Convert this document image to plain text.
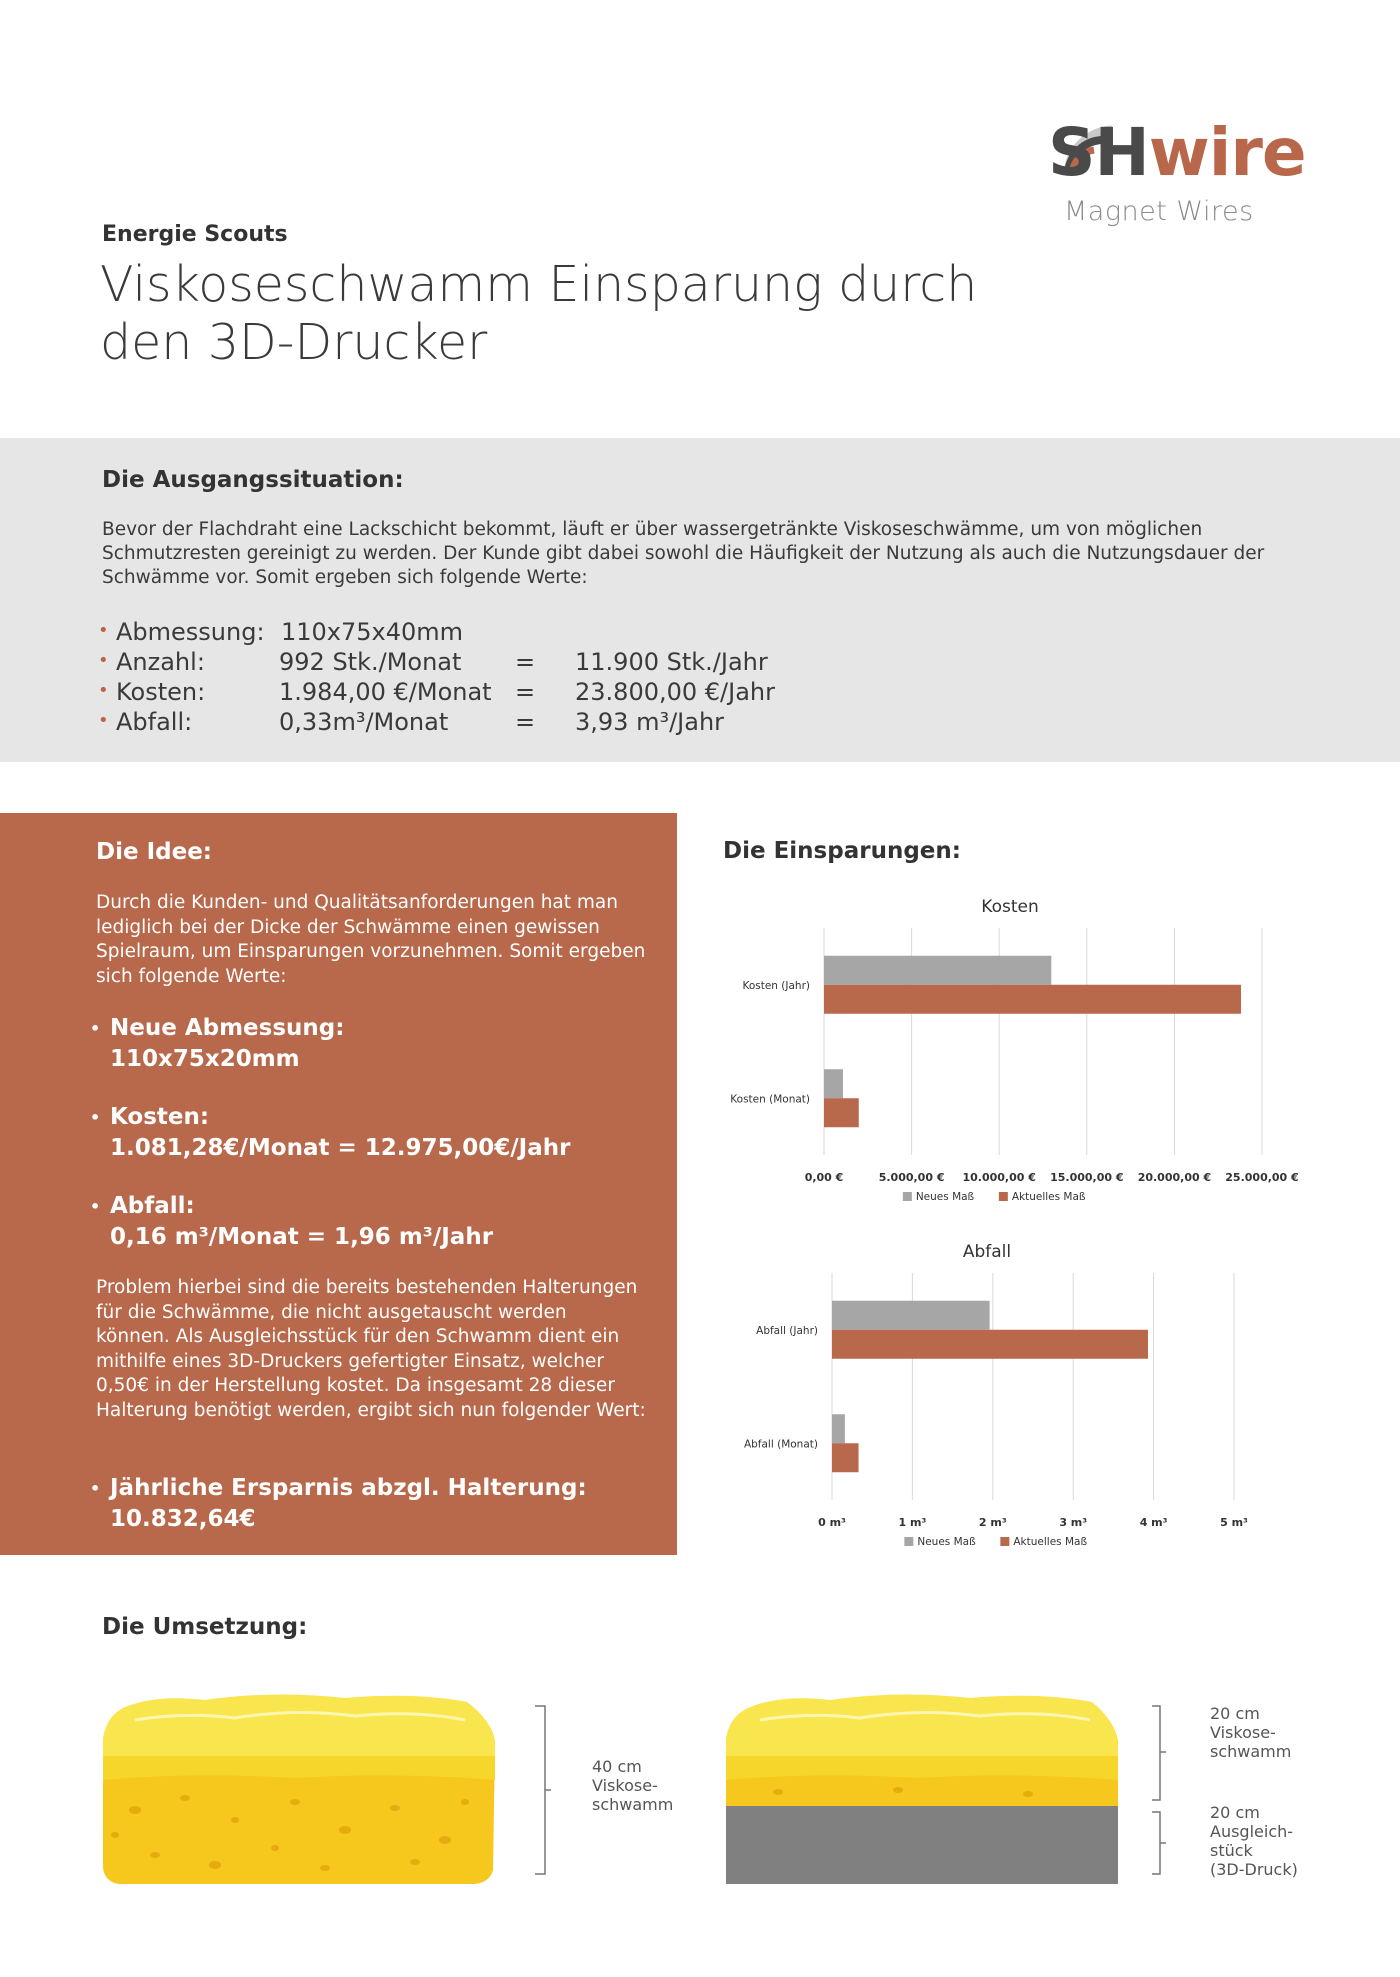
SHwire
Magnet Wires
Energie Scouts
Viskoseschwamm Einsparung durch
den 3D-Drucker
Die Ausgangssituation:
Bevor der Flachdraht eine Lackschicht bekommt, läuft er über wassergetränkte Viskoseschwämme, um von möglichen Schmutzresten gereinigt zu werden. Der Kunde gibt dabei sowohl die Häufigkeit der Nutzung als auch die Nutzungsdauer der Schwämme vor. Somit ergeben sich folgende Werte:
• Abmessung: 110x75x40mm
• Anzahl:	992 Stk./Monat = 11.900 Stk./Jahr
• Kosten:	1.984,00 €/Monat = 23.800,00 €/Jahr
• Abfall:	0,33m³/Monat	= 3,93 m³/Jahr
Die Idee:
Durch die Kunden- und Qualitätsanforderungen hat man lediglich bei der Dicke der Schwämme einen gewissen Spielraum, um Einsparungen vorzunehmen. Somit ergeben sich folgende Werte:
• Neue Abmessung:
110x75x20mm
• Kosten:
1.081,28€/Monat = 12.975,00€/Jahr
• Abfall:
0,16 m³/Monat = 1,96 m³/Jahr
Problem hierbei sind die bereits bestehenden Halterungen für die Schwämme, die nicht ausgetauscht werden können. Als Ausgleichsstück für den Schwamm dient ein mithilfe eines 3D-Druckers gefertigter Einsatz, welcher 0,50€ in der Herstellung kostet. Da insgesamt 28 dieser Halterung benötigt werden, ergibt sich nun folgender Wert:
• Jährliche Ersparnis abzgl. Halterung:
10.832,64€
Die Einsparungen:
Kosten
0,00 €	5.000,00 € 10.000,00 € 15.000,00 € 20.000,00 € 25.000,00 €
Kosten (Jahr)
Kosten (Monat)
Neues Maß	Aktuelles Maß
Abfall
0 m³	1 m³	2 m³	3 m³	4 m³	5 m³
Abfall (Jahr)
Abfall (Monat)
Neues Maß	Aktuelles Maß
Die Umsetzung:
40 cm
Viskose-
schwamm
20 cm
Viskose-
schwamm
20 cm
Ausgleich-
stück
(3D-Druck)
